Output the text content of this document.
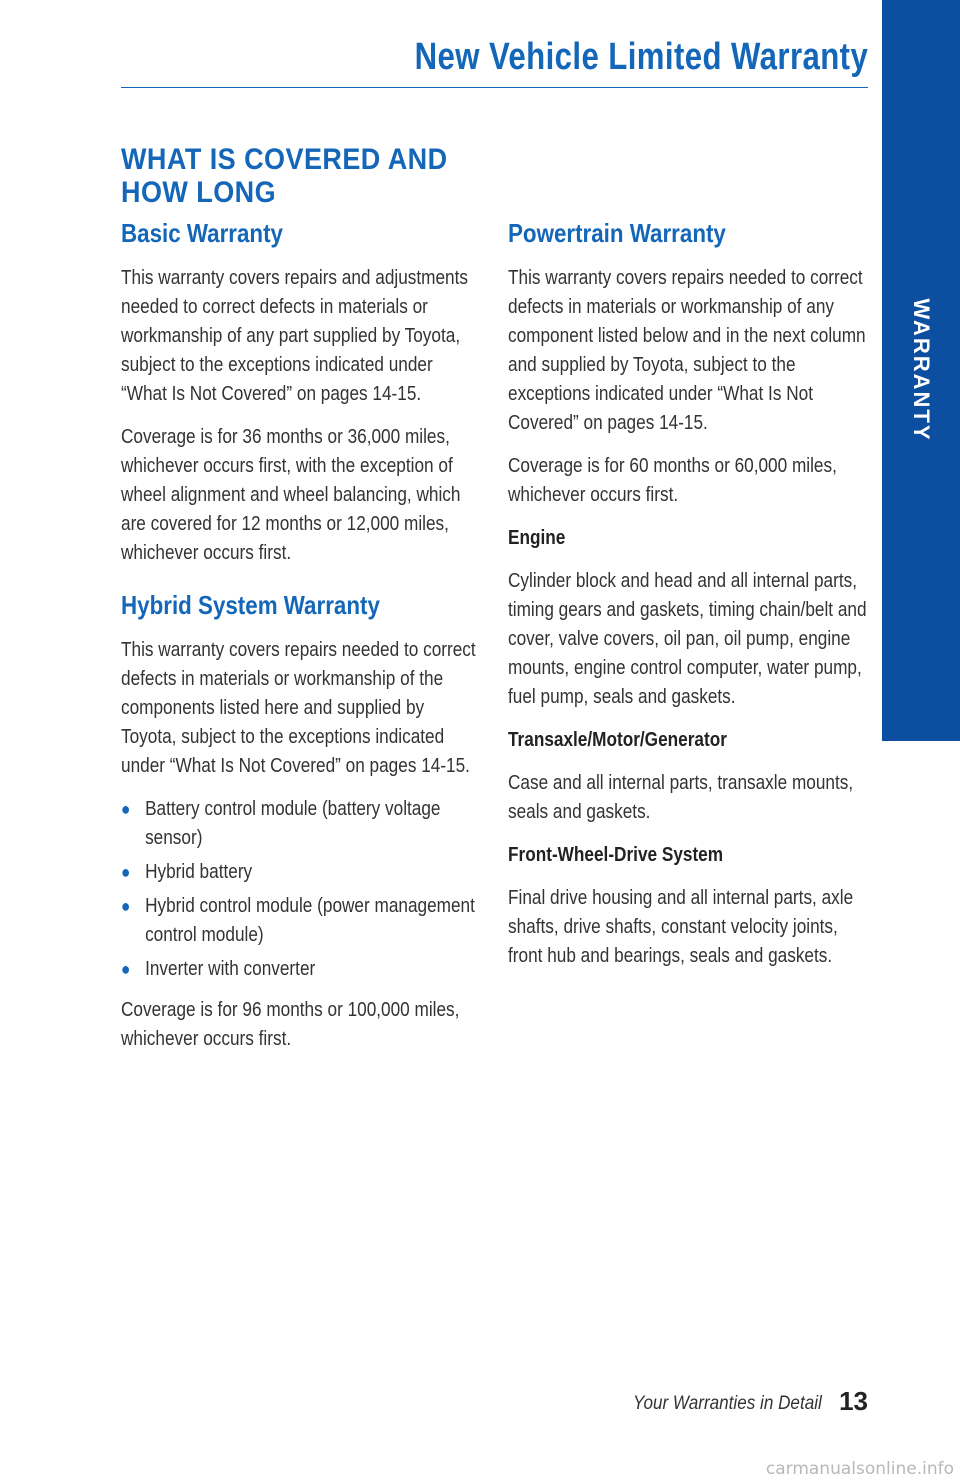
New Vehicle Limited Warranty
WARRANTY
WHAT IS COVERED AND HOW LONG
Basic Warranty

This warranty covers repairs and adjustments needed to correct defects in materials or workmanship of any part supplied by Toyota, subject to the exceptions indicated under “What Is Not Covered” on pages 14-15.

Coverage is for 36 months or 36,000 miles, whichever occurs first, with the exception of wheel alignment and wheel balancing, which are covered for 12 months or 12,000 miles, whichever occurs first.

Hybrid System Warranty

This warranty covers repairs needed to correct defects in materials or workmanship of the components listed here and supplied by Toyota, subject to the exceptions indicated under “What Is Not Covered” on pages 14-15.

● Battery control module (battery voltage sensor)
● Hybrid battery
● Hybrid control module (power management control module)
● Inverter with converter

Coverage is for 96 months or 100,000 miles, whichever occurs first.

Powertrain Warranty

This warranty covers repairs needed to correct defects in materials or workmanship of any component listed below and in the next column and supplied by Toyota, subject to the exceptions indicated under “What Is Not Covered” on pages 14-15.

Coverage is for 60 months or 60,000 miles, whichever occurs first.

Engine

Cylinder block and head and all internal parts, timing gears and gaskets, timing chain/belt and cover, valve covers, oil pan, oil pump, engine mounts, engine control computer, water pump, fuel pump, seals and gaskets.

Transaxle/Motor/Generator

Case and all internal parts, transaxle mounts, seals and gaskets.

Front-Wheel-Drive System

Final drive housing and all internal parts, axle shafts, drive shafts, constant velocity joints, front hub and bearings, seals and gaskets.

Your Warranties in Detail 13
carmanualsonline.info
